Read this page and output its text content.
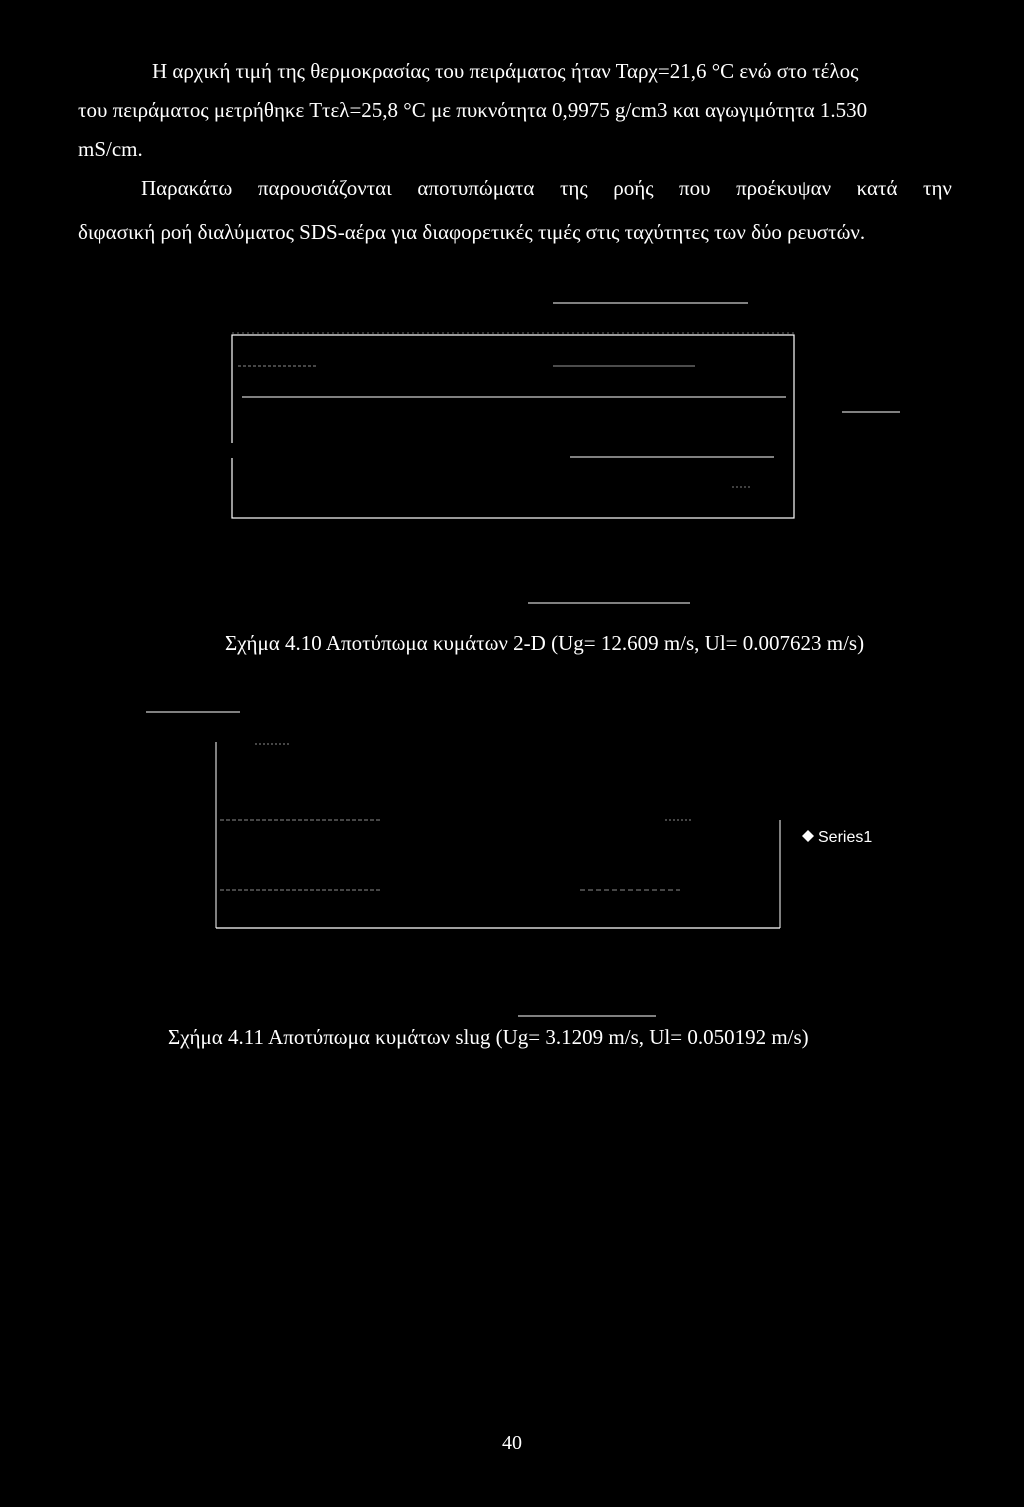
Η αρχική τιμή της θερμοκρασίας του πειράματος ήταν Ταρχ=21,6 °C ενώ στο τέλος
του πειράματος μετρήθηκε Ττελ=25,8 °C με πυκνότητα 0,9975 g/cm3 και αγωγιμότητα 1.530
mS/cm.
Παρακάτω παρουσιάζονται αποτυπώματα της ροής που προέκυψαν κατά την
διφασική ροή διαλύματος SDS-αέρα για διαφορετικές τιμές στις ταχύτητες των δύο ρευστών.
Σχήμα 4.10 Αποτύπωμα κυμάτων 2-D (Ug= 12.609 m/s, Ul= 0.007623 m/s)
Series1
Σχήμα 4.11 Αποτύπωμα κυμάτων slug (Ug= 3.1209 m/s, Ul= 0.050192 m/s)
40
